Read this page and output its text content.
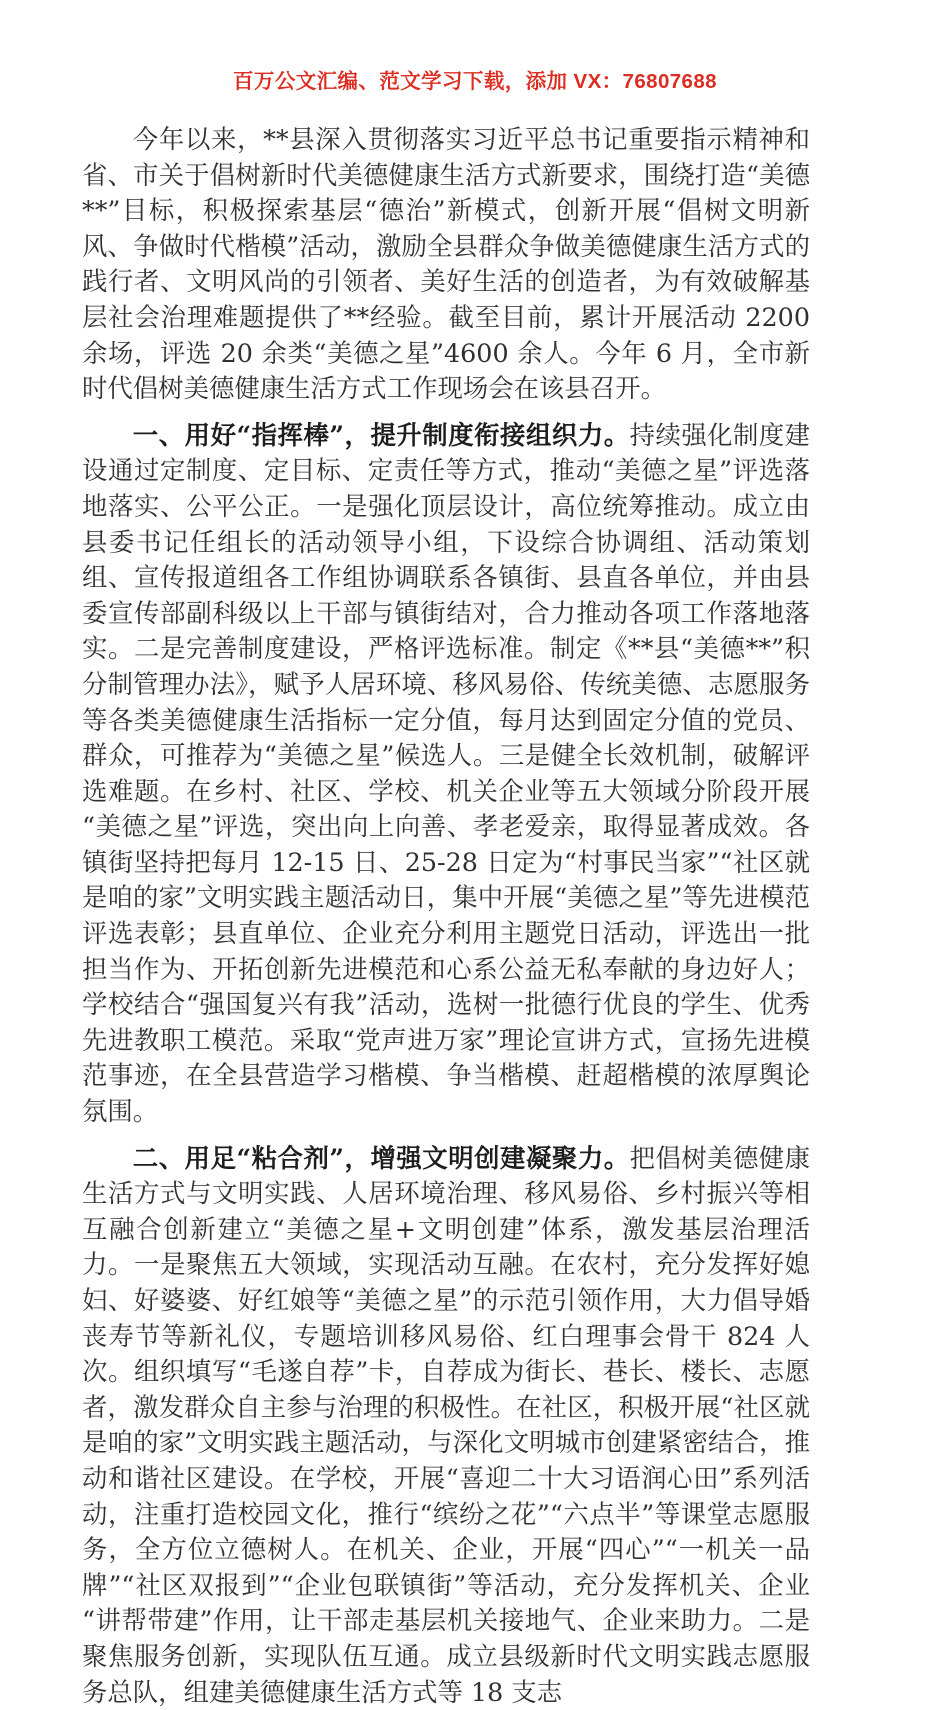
百万公文汇编、范文学习下载，添加 VX：76807688

今年以来，**县深入贯彻落实习近平总书记重要指示精神和省、市关于倡树新时代美德健康生活方式新要求，围绕打造“美德**”目标，积极探索基层“德治”新模式，创新开展“倡树文明新风、争做时代楷模”活动，激励全县群众争做美德健康生活方式的践行者、文明风尚的引领者、美好生活的创造者，为有效破解基层社会治理难题提供了**经验。截至目前，累计开展活动 2200 余场，评选 20 余类“美德之星”4600 余人。今年 6 月，全市新时代倡树美德健康生活方式工作现场会在该县召开。

一、用好“指挥棒”，提升制度衔接组织力。持续强化制度建设通过定制度、定目标、定责任等方式，推动“美德之星”评选落地落实、公平公正。一是强化顶层设计，高位统筹推动。成立由县委书记任组长的活动领导小组，下设综合协调组、活动策划组、宣传报道组各工作组协调联系各镇街、县直各单位，并由县委宣传部副科级以上干部与镇街结对，合力推动各项工作落地落实。二是完善制度建设，严格评选标准。制定《**县“美德**”积分制管理办法》，赋予人居环境、移风易俗、传统美德、志愿服务等各类美德健康生活指标一定分值，每月达到固定分值的党员、群众，可推荐为“美德之星”候选人。三是健全长效机制，破解评选难题。在乡村、社区、学校、机关企业等五大领域分阶段开展“美德之星”评选，突出向上向善、孝老爱亲，取得显著成效。各镇街坚持把每月 12-15 日、25-28 日定为“村事民当家”“社区就是咱的家”文明实践主题活动日，集中开展“美德之星”等先进模范评选表彰；县直单位、企业充分利用主题党日活动，评选出一批担当作为、开拓创新先进模范和心系公益无私奉献的身边好人；学校结合“强国复兴有我”活动，选树一批德行优良的学生、优秀先进教职工模范。采取“党声进万家”理论宣讲方式，宣扬先进模范事迹，在全县营造学习楷模、争当楷模、赶超楷模的浓厚舆论氛围。

二、用足“粘合剂”，增强文明创建凝聚力。把倡树美德健康生活方式与文明实践、人居环境治理、移风易俗、乡村振兴等相互融合创新建立“美德之星+文明创建”体系，激发基层治理活力。一是聚焦五大领域，实现活动互融。在农村，充分发挥好媳妇、好婆婆、好红娘等“美德之星”的示范引领作用，大力倡导婚丧寿节等新礼仪，专题培训移风易俗、红白理事会骨干 824 人次。组织填写“毛遂自荐”卡，自荐成为街长、巷长、楼长、志愿者，激发群众自主参与治理的积极性。在社区，积极开展“社区就是咱的家”文明实践主题活动，与深化文明城市创建紧密结合，推动和谐社区建设。在学校，开展“喜迎二十大习语润心田”系列活动，注重打造校园文化，推行“缤纷之花”“六点半”等课堂志愿服务，全方位立德树人。在机关、企业，开展“四心”“一机关一品牌”“社区双报到”“企业包联镇街”等活动，充分发挥机关、企业“讲帮带建”作用，让干部走基层机关接地气、企业来助力。二是聚焦服务创新，实现队伍互通。成立县级新时代文明实践志愿服务总队，组建美德健康生活方式等 18 支志
